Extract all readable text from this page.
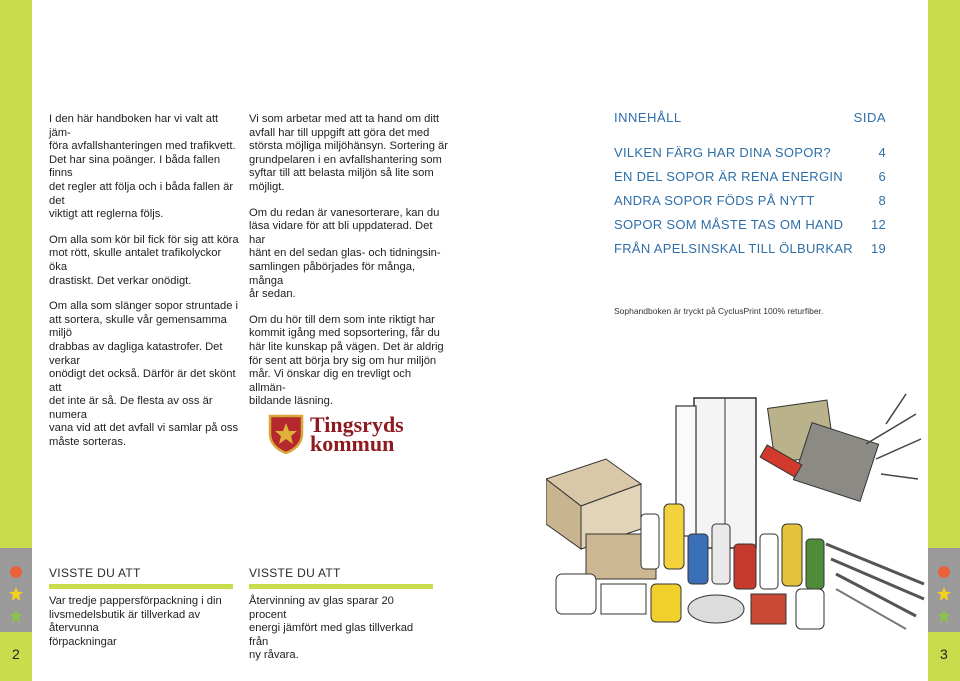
2	3

I den här handboken har vi valt att jäm-
föra avfallshanteringen med trafikvett.
Det har sina poänger. I båda fallen finns
det regler att följa och i båda fallen är det
viktigt att reglerna följs.

Om alla som kör bil fick för sig att köra
mot rött, skulle antalet trafikolyckor öka
drastiskt. Det verkar onödigt.

Om alla som slänger sopor struntade i
att sortera, skulle vår gemensamma miljö
drabbas av dagliga katastrofer. Det verkar
onödigt det också. Därför är det skönt att
det inte är så. De flesta av oss är numera
vana vid att det avfall vi samlar på oss
måste sorteras.

Vi som arbetar med att ta hand om ditt
avfall har till uppgift att göra det med
största möjliga miljöhänsyn. Sortering är
grundpelaren i en avfallshantering som
syftar till att belasta miljön så lite som
möjligt.

Om du redan är vanesorterare, kan du
läsa vidare för att bli uppdaterad. Det har
hänt en del sedan glas- och tidningsin-
samlingen påbörjades för många, många
år sedan.

Om du hör till dem som inte riktigt har
kommit igång med sopsortering, får du
här lite kunskap på vägen. Det är aldrig
för sent att börja bry sig om hur miljön
mår. Vi önskar dig en trevligt och allmän-
bildande läsning.

Tingsryds
kommun
VISSTE DU ATT
Var tredje pappersförpackning i din
livsmedelsbutik är tillverkad av återvunna
förpackningar
VISSTE DU ATT
Återvinning av glas sparar 20 procent
energi jämfört med glas tillverkad från
ny råvara.
INNEHÅLL	SIDA
VILKEN FÄRG HAR DINA SOPOR?	4
EN DEL SOPOR ÄR RENA ENERGIN	6
ANDRA SOPOR FÖDS PÅ NYTT	8
SOPOR SOM MÅSTE TAS OM HAND 12
FRÅN APELSINSKAL TILL ÖLBURKAR 19
Sophandboken är tryckt på CyclusPrint 100% returfiber.
